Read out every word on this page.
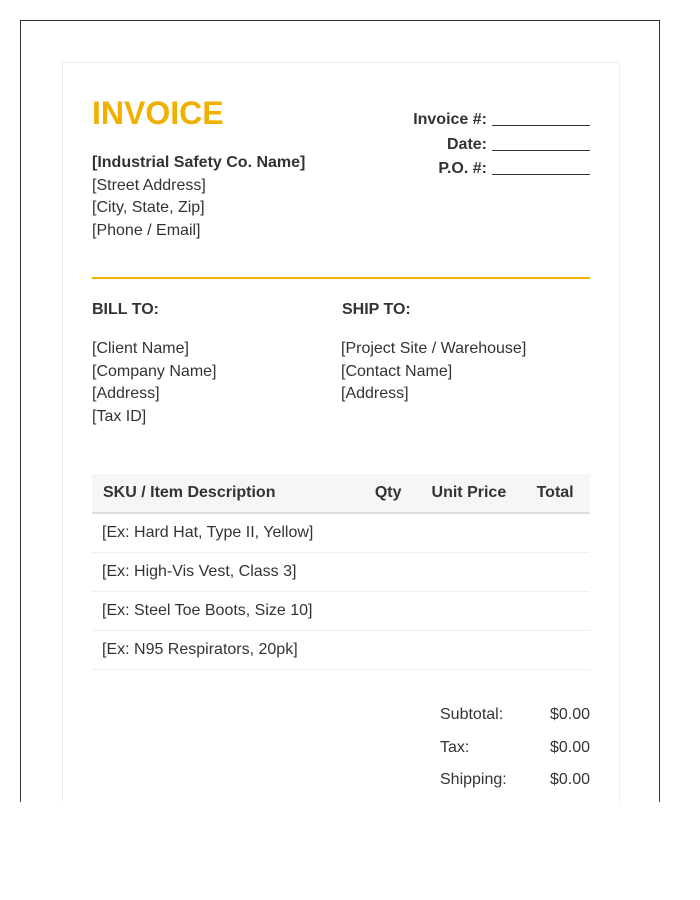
INVOICE
[Industrial Safety Co. Name]
[Street Address]
[City, State, Zip]
[Phone / Email]
Invoice #:
Date:
P.O. #:
BILL TO:	SHIP TO:
[Client Name]
[Company Name]
[Address]
[Tax ID]
[Project Site / Warehouse]
[Contact Name]
[Address]
SKU / Item Description	Qty	Unit Price	Total
[Ex: Hard Hat, Type II, Yellow]			
[Ex: High-Vis Vest, Class 3]			
[Ex: Steel Toe Boots, Size 10]			
[Ex: N95 Respirators, 20pk]			
Subtotal:	$0.00
Tax:	$0.00
Shipping:	$0.00
